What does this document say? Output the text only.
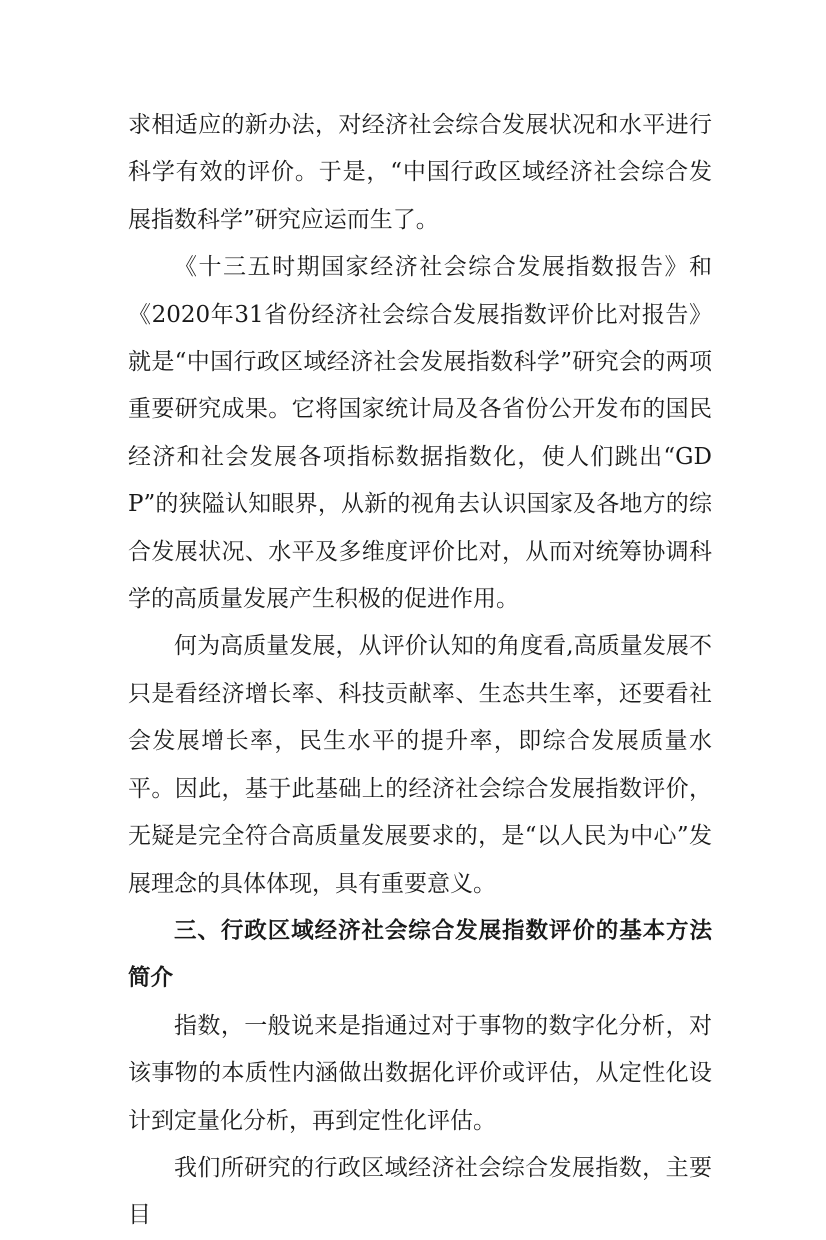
求相适应的新办法，对经济社会综合发展状况和水平进行科学有效的评价。于是，“中国行政区域经济社会综合发展指数科学”研究应运而生了。

《十三五时期国家经济社会综合发展指数报告》和《2020年31省份经济社会综合发展指数评价比对报告》就是“中国行政区域经济社会发展指数科学”研究会的两项重要研究成果。它将国家统计局及各省份公开发布的国民经济和社会发展各项指标数据指数化，使人们跳出“GDP”的狭隘认知眼界，从新的视角去认识国家及各地方的综合发展状况、水平及多维度评价比对，从而对统筹协调科学的高质量发展产生积极的促进作用。

何为高质量发展，从评价认知的角度看,高质量发展不只是看经济增长率、科技贡献率、生态共生率，还要看社会发展增长率，民生水平的提升率，即综合发展质量水平。因此，基于此基础上的经济社会综合发展指数评价，无疑是完全符合高质量发展要求的，是“以人民为中心”发展理念的具体体现，具有重要意义。

三、行政区域经济社会综合发展指数评价的基本方法简介

指数，一般说来是指通过对于事物的数字化分析，对该事物的本质性内涵做出数据化评价或评估，从定性化设计到定量化分析，再到定性化评估。

我们所研究的行政区域经济社会综合发展指数，主要目
